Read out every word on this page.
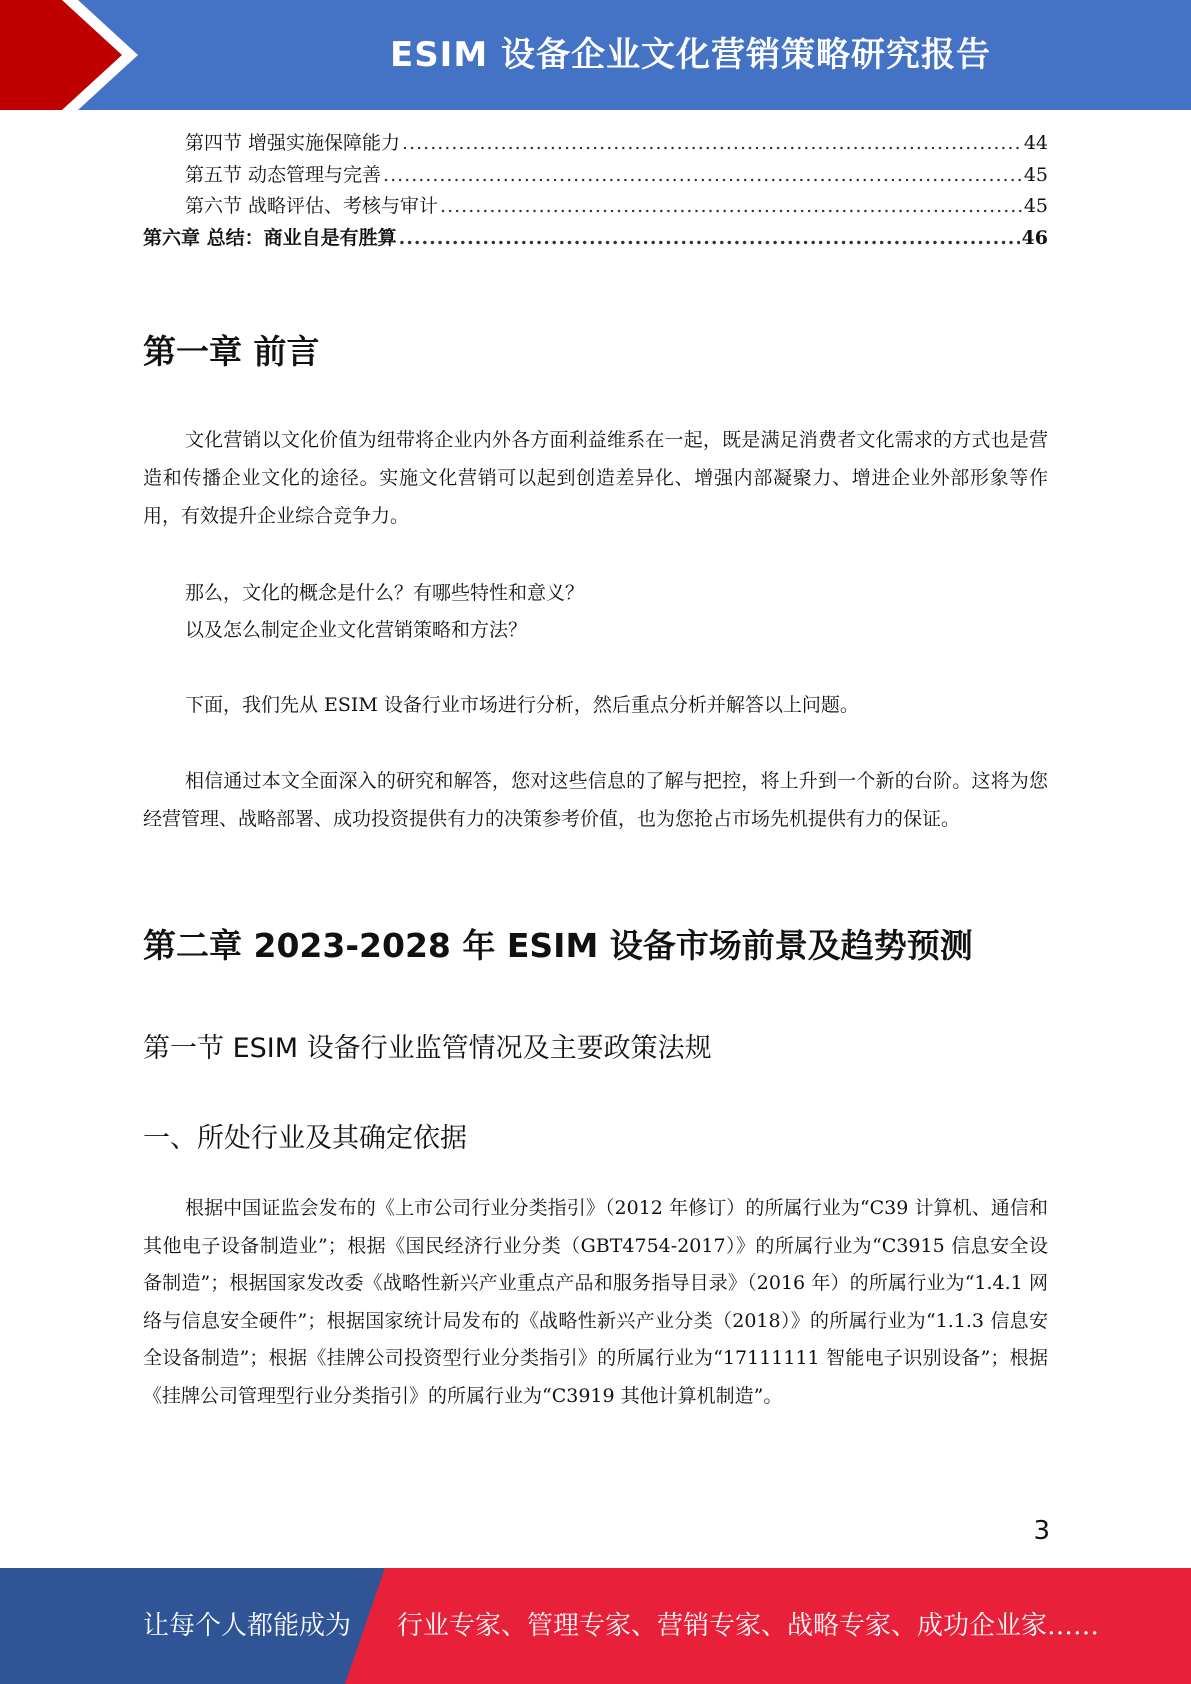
ESIM 设备企业文化营销策略研究报告
第四节 增强实施保障能力 .....	44
第五节 动态管理与完善 .....	45
第六节 战略评估、考核与审计 .....	45
第六章 总结：商业自是有胜算 .....	46
第一章 前言

文化营销以文化价值为纽带将企业内外各方面利益维系在一起，既是满足消费者文化需求的方式也是营造和传播企业文化的途径。实施文化营销可以起到创造差异化、增强内部凝聚力、增进企业外部形象等作用，有效提升企业综合竞争力。

那么，文化的概念是什么？有哪些特性和意义？

以及怎么制定企业文化营销策略和方法？

下面，我们先从 ESIM 设备行业市场进行分析，然后重点分析并解答以上问题。

相信通过本文全面深入的研究和解答，您对这些信息的了解与把控，将上升到一个新的台阶。这将为您经营管理、战略部署、成功投资提供有力的决策参考价值，也为您抢占市场先机提供有力的保证。

第二章 2023-2028 年 ESIM 设备市场前景及趋势预测
第一节 ESIM 设备行业监管情况及主要政策法规
一、所处行业及其确定依据

根据中国证监会发布的《上市公司行业分类指引》（2012 年修订）的所属行业为“C39 计算机、通信和其他电子设备制造业”；根据《国民经济行业分类（GBT4754-2017）》的所属行业为“C3915 信息安全设备制造”；根据国家发改委《战略性新兴产业重点产品和服务指导目录》（2016 年）的所属行业为“1.4.1 网络与信息安全硬件”；根据国家统计局发布的《战略性新兴产业分类（2018）》的所属行业为“1.1.3 信息安全设备制造”；根据《挂牌公司投资型行业分类指引》的所属行业为“17111111 智能电子识别设备”；根据《挂牌公司管理型行业分类指引》的所属行业为“C3919 其他计算机制造”。

3
让每个人都能成为 行业专家、管理专家、营销专家、战略专家、成功企业家……
